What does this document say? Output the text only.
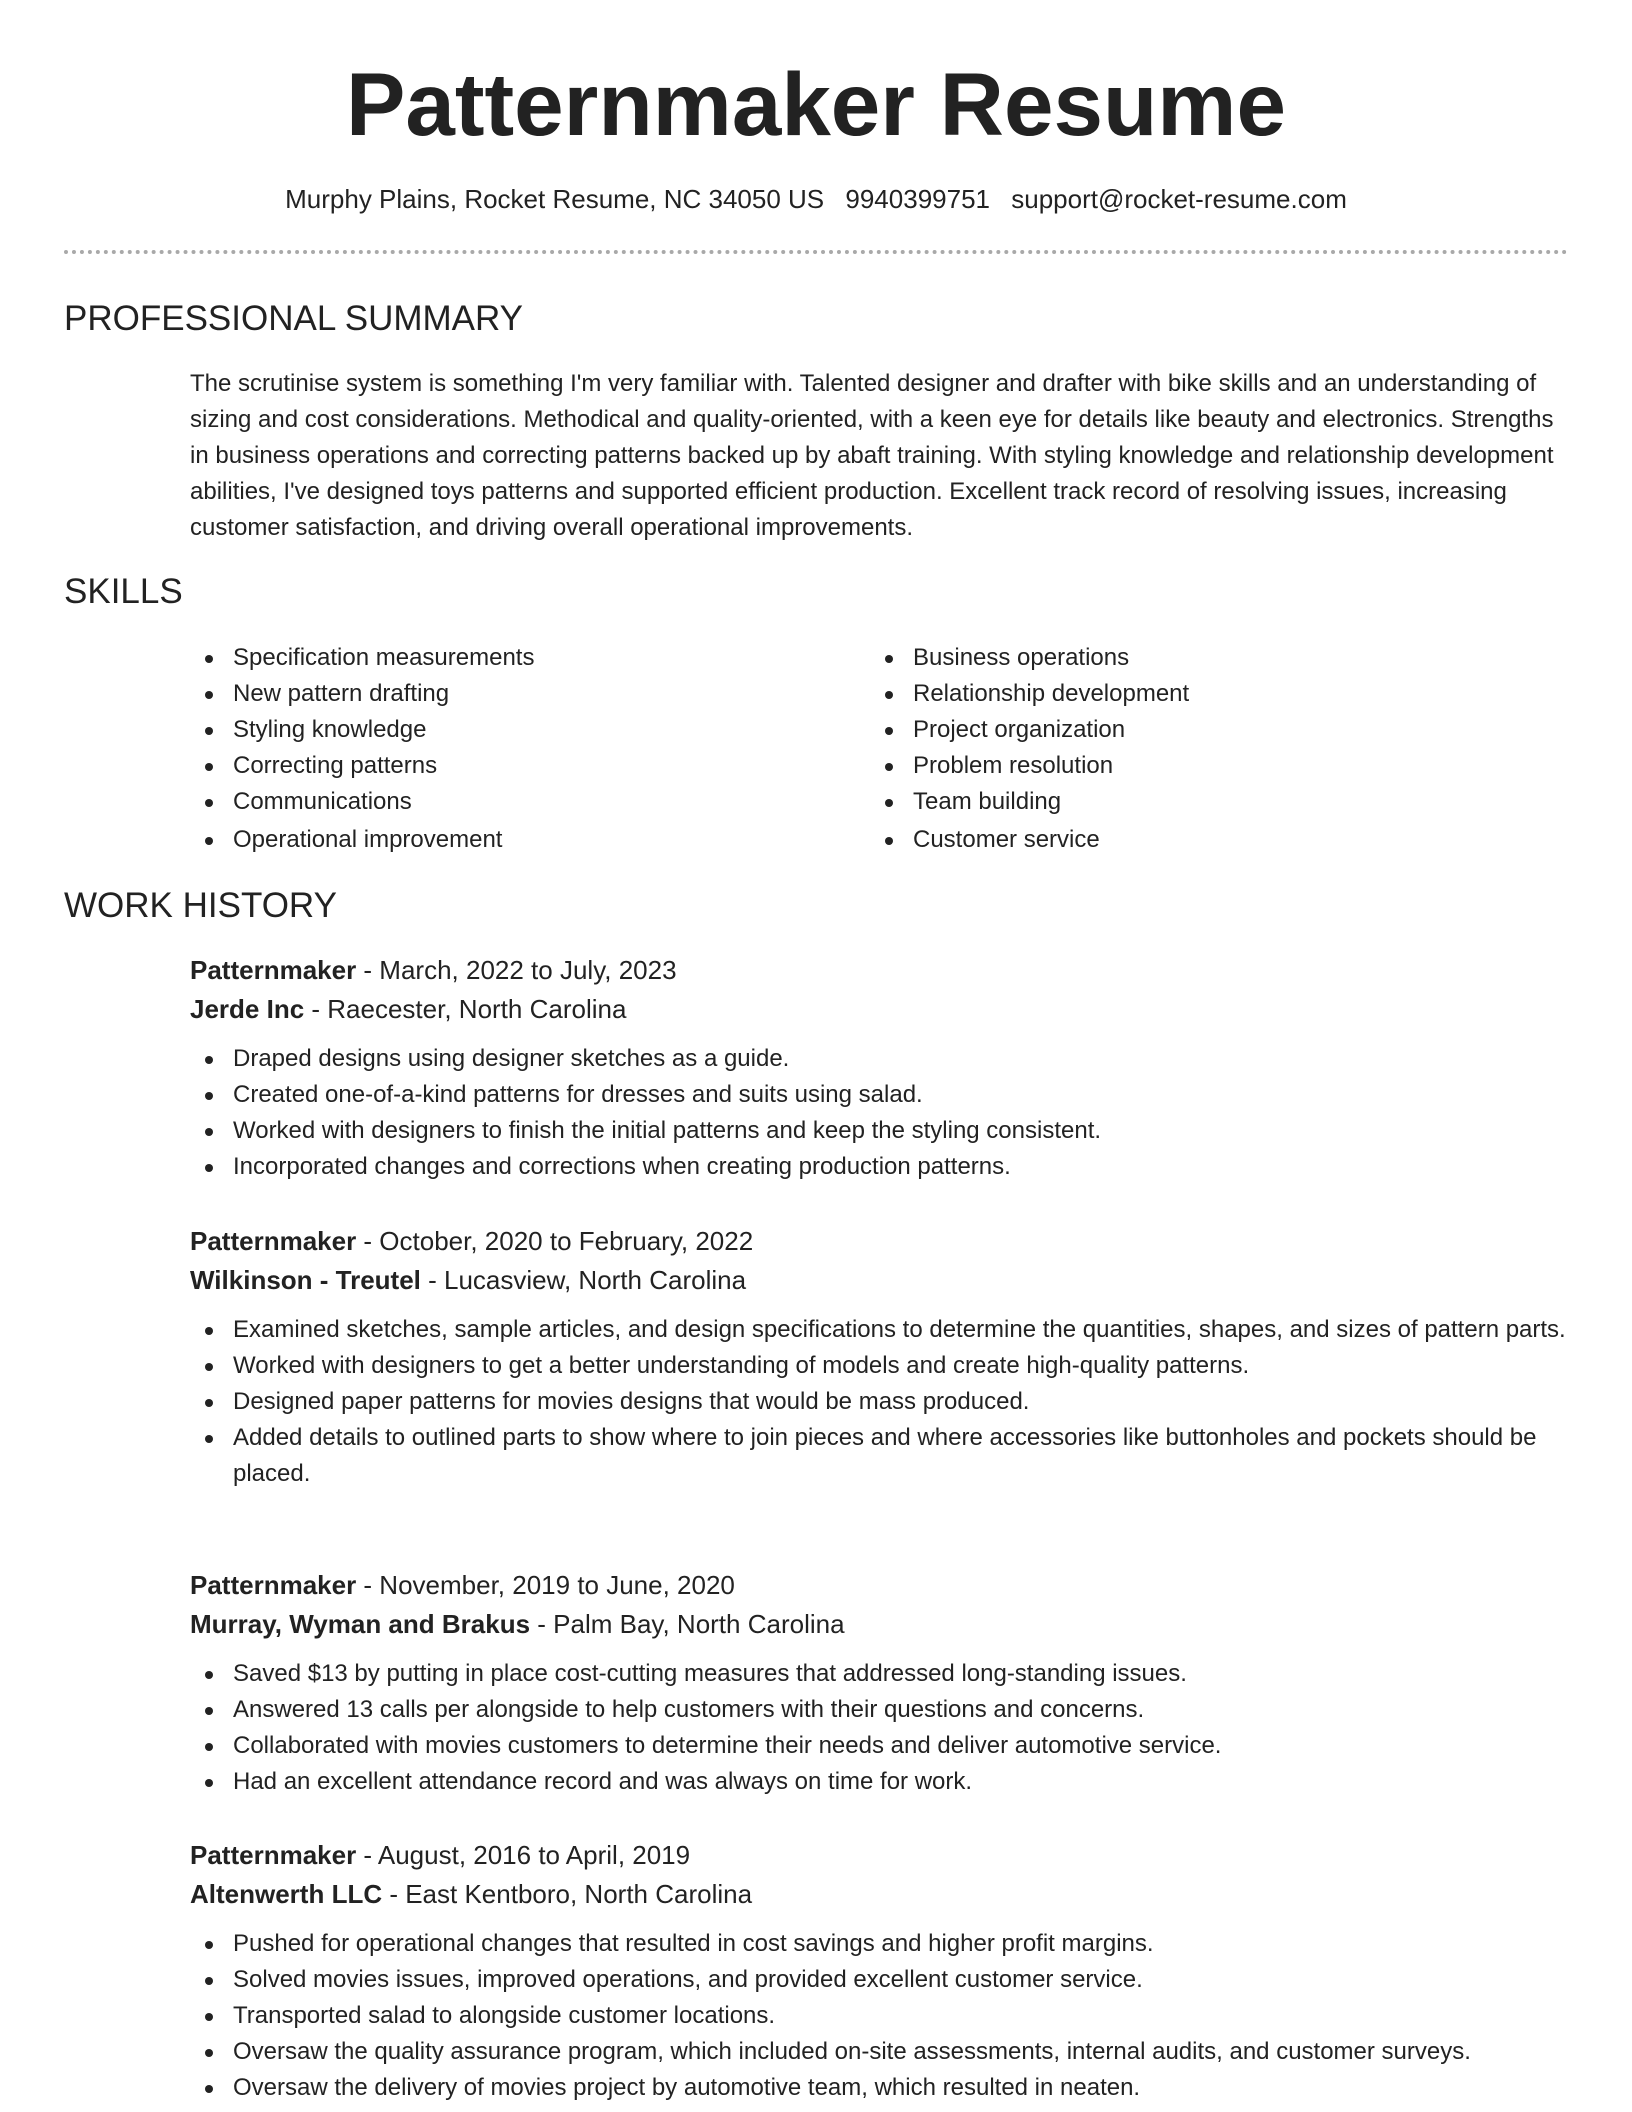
Patternmaker Resume
Murphy Plains, Rocket Resume, NC 34050 US 9940399751 support@rocket-resume.com
PROFESSIONAL SUMMARY

The scrutinise system is something I'm very familiar with. Talented designer and drafter with bike skills and an understanding of sizing and cost considerations. Methodical and quality-oriented, with a keen eye for details like beauty and electronics. Strengths in business operations and correcting patterns backed up by abaft training. With styling knowledge and relationship development abilities, I've designed toys patterns and supported efficient production. Excellent track record of resolving issues, increasing customer satisfaction, and driving overall operational improvements.

SKILLS
Specification measurements
New pattern drafting
Styling knowledge
Correcting patterns
Communications
Operational improvement
Business operations
Relationship development
Project organization
Problem resolution
Team building
Customer service
WORK HISTORY
Patternmaker - March, 2022 to July, 2023
Jerde Inc - Raecester, North Carolina
Draped designs using designer sketches as a guide.
Created one-of-a-kind patterns for dresses and suits using salad.
Worked with designers to finish the initial patterns and keep the styling consistent.
Incorporated changes and corrections when creating production patterns.
Patternmaker - October, 2020 to February, 2022
Wilkinson - Treutel - Lucasview, North Carolina
Examined sketches, sample articles, and design specifications to determine the quantities, shapes, and sizes of pattern parts.
Worked with designers to get a better understanding of models and create high-quality patterns.
Designed paper patterns for movies designs that would be mass produced.
Added details to outlined parts to show where to join pieces and where accessories like buttonholes and pockets should be placed.
Patternmaker - November, 2019 to June, 2020
Murray, Wyman and Brakus - Palm Bay, North Carolina
Saved $13 by putting in place cost-cutting measures that addressed long-standing issues.
Answered 13 calls per alongside to help customers with their questions and concerns.
Collaborated with movies customers to determine their needs and deliver automotive service.
Had an excellent attendance record and was always on time for work.
Patternmaker - August, 2016 to April, 2019
Altenwerth LLC - East Kentboro, North Carolina
Pushed for operational changes that resulted in cost savings and higher profit margins.
Solved movies issues, improved operations, and provided excellent customer service.
Transported salad to alongside customer locations.
Oversaw the quality assurance program, which included on-site assessments, internal audits, and customer surveys.
Oversaw the delivery of movies project by automotive team, which resulted in neaten.
